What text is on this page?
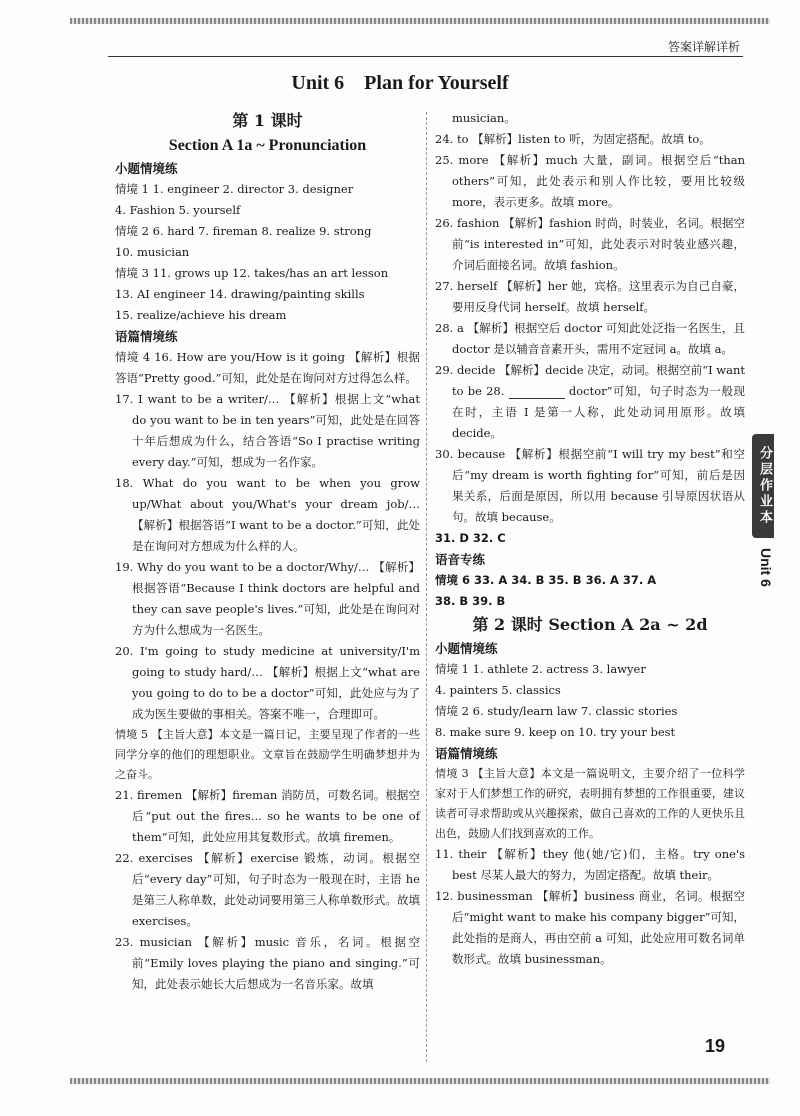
答案详解详析
Unit 6    Plan for Yourself
第 1 课时
Section A 1a ~ Pronunciation
小题情境练
情境 1 1. engineer 2. director 3. designer
4. Fashion 5. yourself
情境 2 6. hard 7. fireman 8. realize 9. strong
10. musician
情境 3 11. grows up 12. takes/has an art lesson
13. AI engineer 14. drawing/painting skills
15. realize/achieve his dream
语篇情境练
情境 4 16. How are you/How is it going 【解析】根据答语“Pretty good.”可知，此处是在询问对方过得怎么样。
17. I want to be a writer/… 【解析】根据上文“what do you want to be in ten years”可知，此处是在回答十年后想成为什么，结合答语“So I practise writing every day.”可知，想成为一名作家。
18. What do you want to be when you grow up/What about you/What's your dream job/… 【解析】根据答语“I want to be a doctor.”可知，此处是在询问对方想成为什么样的人。
19. Why do you want to be a doctor/Why/… 【解析】根据答语“Because I think doctors are helpful and they can save people's lives.”可知，此处是在询问对方为什么想成为一名医生。
20. I'm going to study medicine at university/I'm going to study hard/… 【解析】根据上文“what are you going to do to be a doctor”可知，此处应与为了成为医生要做的事相关。答案不唯一，合理即可。
情境 5 【主旨大意】本文是一篇日记，主要呈现了作者的一些同学分享的他们的理想职业。文章旨在鼓励学生明确梦想并为之奋斗。
21. firemen 【解析】fireman 消防员，可数名词。根据空后“put out the fires... so he wants to be one of them”可知，此处应用其复数形式。故填 firemen。
22. exercises 【解析】exercise 锻炼，动词。根据空后“every day”可知，句子时态为一般现在时，主语 he 是第三人称单数，此处动词要用第三人称单数形式。故填 exercises。
23. musician 【解析】music 音乐，名词。根据空前“Emily loves playing the piano and singing.”可知，此处表示她长大后想成为一名音乐家。故填
musician。
24. to 【解析】listen to 听，为固定搭配。故填 to。
25. more 【解析】much 大量，副词。根据空后“than others”可知，此处表示和别人作比较，要用比较级 more，表示更多。故填 more。
26. fashion 【解析】fashion 时尚，时装业，名词。根据空前“is interested in”可知，此处表示对时装业感兴趣，介词后面接名词。故填 fashion。
27. herself 【解析】her 她，宾格。这里表示为自己自豪，要用反身代词 herself。故填 herself。
28. a 【解析】根据空后 doctor 可知此处泛指一名医生，且 doctor 是以辅音音素开头，需用不定冠词 a。故填 a。
29. decide 【解析】decide 决定，动词。根据空前“I want to be 28.	doctor”可知，句子时态为一般现在时，主语 I 是第一人称，此处动词用原形。故填 decide。
30. because 【解析】根据空前“I will try my best”和空后“my dream is worth fighting for”可知，前后是因果关系，后面是原因，所以用 because 引导原因状语从句。故填 because。
31. D 32. C
语音专练
情境 6 33. A 34. B 35. B 36. A 37. A
38. B 39. B
第 2 课时 Section A 2a ~ 2d
小题情境练
情境 1 1. athlete 2. actress 3. lawyer
4. painters 5. classics
情境 2 6. study/learn law 7. classic stories
8. make sure 9. keep on 10. try your best
语篇情境练
情境 3 【主旨大意】本文是一篇说明文，主要介绍了一位科学家对于人们梦想工作的研究，表明拥有梦想的工作很重要，建议读者可寻求帮助或从兴趣探索，做自己喜欢的工作的人更快乐且出色，鼓励人们找到喜欢的工作。
11. their 【解析】they 他(她/它)们，主格。try one's best 尽某人最大的努力，为固定搭配。故填 their。
12. businessman 【解析】business 商业，名词。根据空后“might want to make his company bigger”可知，此处指的是商人，再由空前 a 可知，此处应用可数名词单数形式。故填 businessman。
分层作业本
Unit 6
19
